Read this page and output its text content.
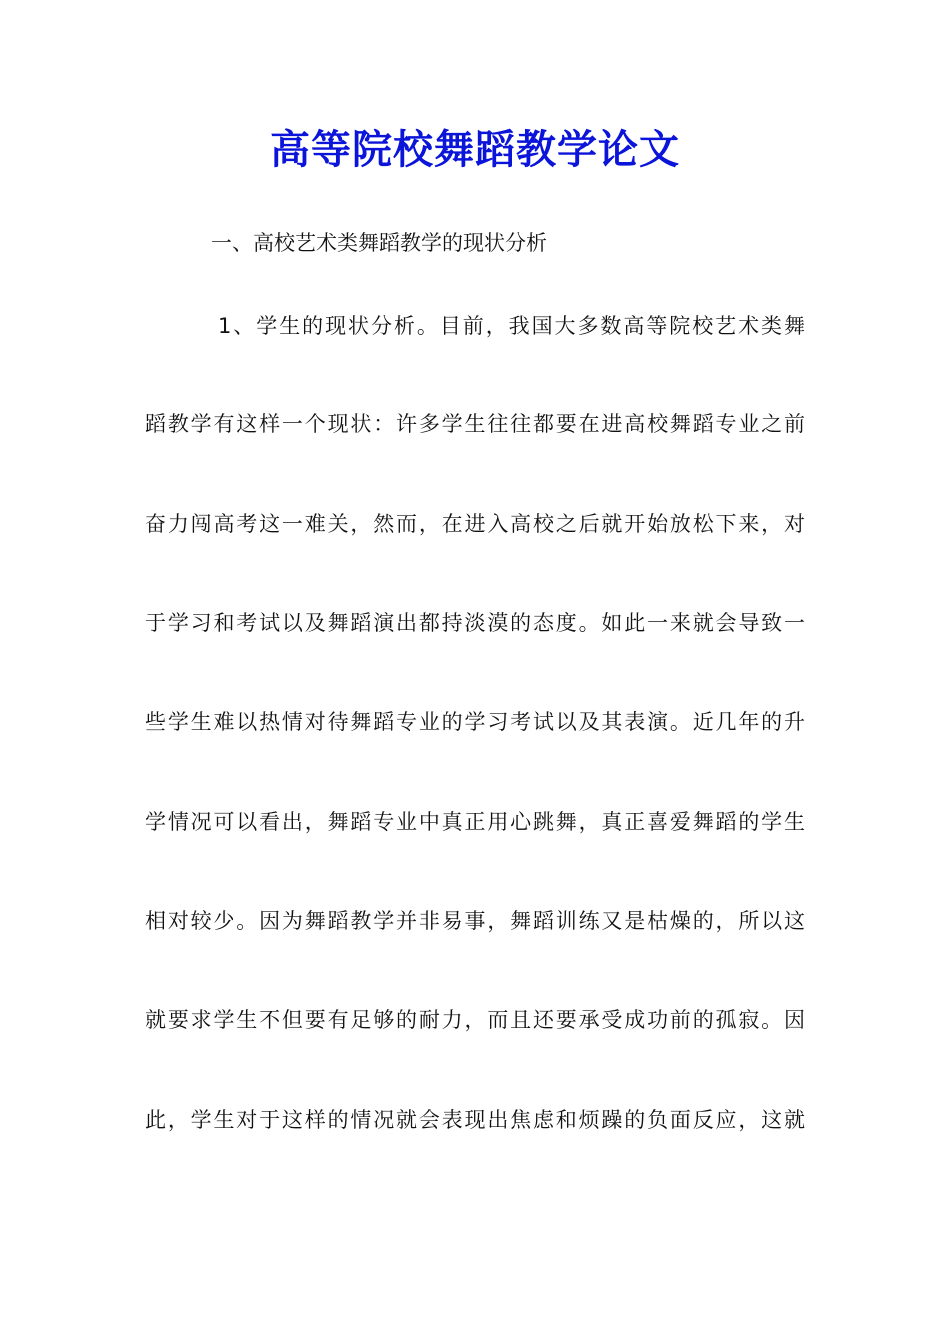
高等院校舞蹈教学论文
一、高校艺术类舞蹈教学的现状分析
1、学生的现状分析。目前，我国大多数高等院校艺术类舞
蹈教学有这样一个现状：许多学生往往都要在进高校舞蹈专业之前
奋力闯高考这一难关，然而，在进入高校之后就开始放松下来，对
于学习和考试以及舞蹈演出都持淡漠的态度。如此一来就会导致一
些学生难以热情对待舞蹈专业的学习考试以及其表演。近几年的升
学情况可以看出，舞蹈专业中真正用心跳舞，真正喜爱舞蹈的学生
相对较少。因为舞蹈教学并非易事，舞蹈训练又是枯燥的，所以这
就要求学生不但要有足够的耐力，而且还要承受成功前的孤寂。因
此，学生对于这样的情况就会表现出焦虑和烦躁的负面反应，这就
